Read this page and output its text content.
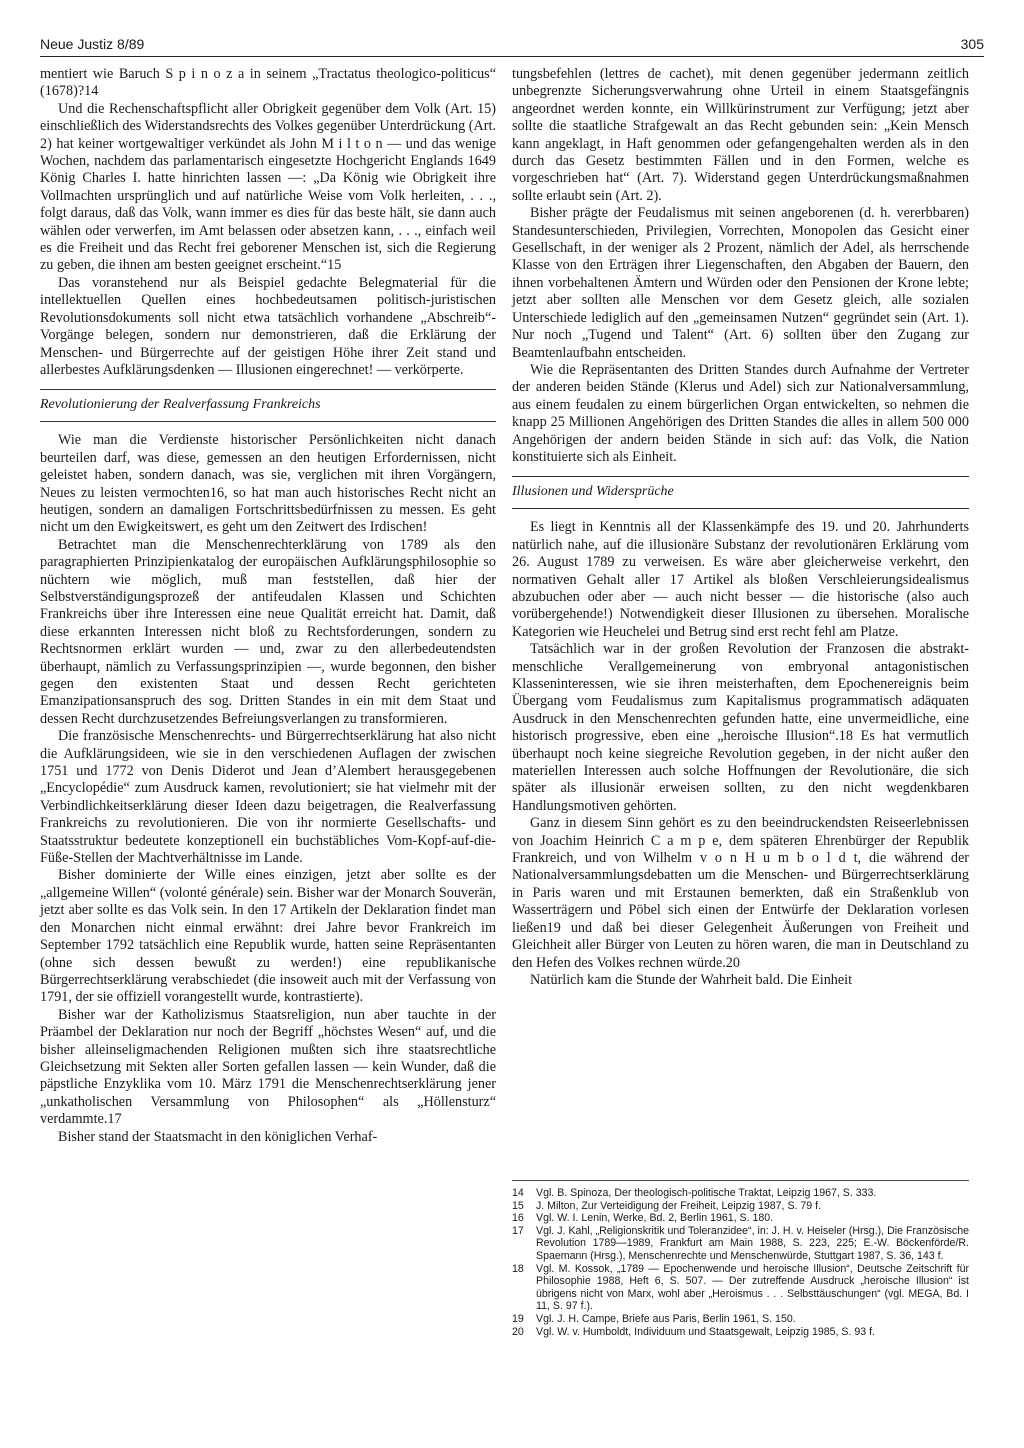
Neue Justiz 8/89	305
mentiert wie Baruch S p i n o z a in seinem „Tractatus theologico-politicus“ (1678)?14

Und die Rechenschaftspflicht aller Obrigkeit gegenüber dem Volk (Art. 15) einschließlich des Widerstandsrechts des Volkes gegenüber Unterdrückung (Art. 2) hat keiner wortgewaltiger verkündet als John M i l t o n — und das wenige Wochen, nachdem das parlamentarisch eingesetzte Hochgericht Englands 1649 König Charles I. hatte hinrichten lassen —: „Da König wie Obrigkeit ihre Vollmachten ursprünglich und auf natürliche Weise vom Volk herleiten, . . ., folgt daraus, daß das Volk, wann immer es dies für das beste hält, sie dann auch wählen oder verwerfen, im Amt belassen oder absetzen kann, . . ., einfach weil es die Freiheit und das Recht frei geborener Menschen ist, sich die Regierung zu geben, die ihnen am besten geeignet erscheint.“15

Das voranstehend nur als Beispiel gedachte Belegmaterial für die intellektuellen Quellen eines hochbedeutsamen politisch-juristischen Revolutionsdokuments soll nicht etwa tatsächlich vorhandene „Abschreib“-Vorgänge belegen, sondern nur demonstrieren, daß die Erklärung der Menschen- und Bürgerrechte auf der geistigen Höhe ihrer Zeit stand und allerbestes Aufklärungsdenken — Illusionen eingerechnet! — verkörperte.

Revolutionierung der Realverfassung Frankreichs

Wie man die Verdienste historischer Persönlichkeiten nicht danach beurteilen darf, was diese, gemessen an den heutigen Erfordernissen, nicht geleistet haben, sondern danach, was sie, verglichen mit ihren Vorgängern, Neues zu leisten vermochten16, so hat man auch historisches Recht nicht an heutigen, sondern an damaligen Fortschrittsbedürfnissen zu messen. Es geht nicht um den Ewigkeitswert, es geht um den Zeitwert des Irdischen!

Betrachtet man die Menschenrechterklärung von 1789 als den paragraphierten Prinzipienkatalog der europäischen Aufklärungsphilosophie so nüchtern wie möglich, muß man feststellen, daß hier der Selbstverständigungsprozeß der antifeudalen Klassen und Schichten Frankreichs über ihre Interessen eine neue Qualität erreicht hat. Damit, daß diese erkannten Interessen nicht bloß zu Rechtsforderungen, sondern zu Rechtsnormen erklärt wurden — und, zwar zu den allerbedeutendsten überhaupt, nämlich zu Verfassungsprinzipien —, wurde begonnen, den bisher gegen den existenten Staat und dessen Recht gerichteten Emanzipationsanspruch des sog. Dritten Standes in ein mit dem Staat und dessen Recht durchzusetzendes Befreiungsverlangen zu transformieren.

Die französische Menschenrechts- und Bürgerrechtserklärung hat also nicht die Aufklärungsideen, wie sie in den verschiedenen Auflagen der zwischen 1751 und 1772 von Denis Diderot und Jean d’Alembert herausgegebenen „Encyclopédie“ zum Ausdruck kamen, revolutioniert; sie hat vielmehr mit der Verbindlichkeitserklärung dieser Ideen dazu beigetragen, die Realverfassung Frankreichs zu revolutionieren. Die von ihr normierte Gesellschafts- und Staatsstruktur bedeutete konzeptionell ein buchstäbliches Vom-Kopf-auf-die-Füße-Stellen der Machtverhältnisse im Lande.

Bisher dominierte der Wille eines einzigen, jetzt aber sollte es der „allgemeine Willen“ (volonté générale) sein. Bisher war der Monarch Souverän, jetzt aber sollte es das Volk sein. In den 17 Artikeln der Deklaration findet man den Monarchen nicht einmal erwähnt: drei Jahre bevor Frankreich im September 1792 tatsächlich eine Republik wurde, hatten seine Repräsentanten (ohne sich dessen bewußt zu werden!) eine republikanische Bürgerrechtserklärung verabschiedet (die insoweit auch mit der Verfassung von 1791, der sie offiziell vorangestellt wurde, kontrastierte).

Bisher war der Katholizismus Staatsreligion, nun aber tauchte in der Präambel der Deklaration nur noch der Begriff „höchstes Wesen“ auf, und die bisher alleinseligmachenden Religionen mußten sich ihre staatsrechtliche Gleichsetzung mit Sekten aller Sorten gefallen lassen — kein Wunder, daß die päpstliche Enzyklika vom 10. März 1791 die Menschenrechtserklärung jener „unkatholischen Versammlung von Philosophen“ als „Höllensturz“ verdammte.17

Bisher stand der Staatsmacht in den königlichen Verhaf-

tungsbefehlen (lettres de cachet), mit denen gegenüber jedermann zeitlich unbegrenzte Sicherungsverwahrung ohne Urteil in einem Staatsgefängnis angeordnet werden konnte, ein Willkürinstrument zur Verfügung; jetzt aber sollte die staatliche Strafgewalt an das Recht gebunden sein: „Kein Mensch kann angeklagt, in Haft genommen oder gefangengehalten werden als in den durch das Gesetz bestimmten Fällen und in den Formen, welche es vorgeschrieben hat“ (Art. 7). Widerstand gegen Unterdrückungsmaßnahmen sollte erlaubt sein (Art. 2).

Bisher prägte der Feudalismus mit seinen angeborenen (d. h. vererbbaren) Standesunterschieden, Privilegien, Vorrechten, Monopolen das Gesicht einer Gesellschaft, in der weniger als 2 Prozent, nämlich der Adel, als herrschende Klasse von den Erträgen ihrer Liegenschaften, den Abgaben der Bauern, den ihnen vorbehaltenen Ämtern und Würden oder den Pensionen der Krone lebte; jetzt aber sollten alle Menschen vor dem Gesetz gleich, alle sozialen Unterschiede lediglich auf den „gemeinsamen Nutzen“ gegründet sein (Art. 1). Nur noch „Tugend und Talent“ (Art. 6) sollten über den Zugang zur Beamtenlaufbahn entscheiden.

Wie die Repräsentanten des Dritten Standes durch Aufnahme der Vertreter der anderen beiden Stände (Klerus und Adel) sich zur Nationalversammlung, aus einem feudalen zu einem bürgerlichen Organ entwickelten, so nehmen die knapp 25 Millionen Angehörigen des Dritten Standes die alles in allem 500 000 Angehörigen der andern beiden Stände in sich auf: das Volk, die Nation konstituierte sich als Einheit.

Illusionen und Widersprüche

Es liegt in Kenntnis all der Klassenkämpfe des 19. und 20. Jahrhunderts natürlich nahe, auf die illusionäre Substanz der revolutionären Erklärung vom 26. August 1789 zu verweisen. Es wäre aber gleicherweise verkehrt, den normativen Gehalt aller 17 Artikel als bloßen Verschleierungsidealismus abzubuchen oder aber — auch nicht besser — die historische (also auch vorübergehende!) Notwendigkeit dieser Illusionen zu übersehen. Moralische Kategorien wie Heuchelei und Betrug sind erst recht fehl am Platze.

Tatsächlich war in der großen Revolution der Franzosen die abstrakt-menschliche Verallgemeinerung von embryonal antagonistischen Klasseninteressen, wie sie ihren meisterhaften, dem Epochenereignis beim Übergang vom Feudalismus zum Kapitalismus programmatisch adäquaten Ausdruck in den Menschenrechten gefunden hatte, eine unvermeidliche, eine historisch progressive, eben eine „heroische Illusion“.18 Es hat vermutlich überhaupt noch keine siegreiche Revolution gegeben, in der nicht außer den materiellen Interessen auch solche Hoffnungen der Revolutionäre, die sich später als illusionär erweisen sollten, zu den nicht wegdenkbaren Handlungsmotiven gehörten.

Ganz in diesem Sinn gehört es zu den beeindruckendsten Reiseerlebnissen von Joachim Heinrich C a m p e, dem späteren Ehrenbürger der Republik Frankreich, und von Wilhelm v o n H u m b o l d t, die während der Nationalversammlungsdebatten um die Menschen- und Bürgerrechtserklärung in Paris waren und mit Erstaunen bemerkten, daß ein Straßenklub von Wasserträgern und Pöbel sich einen der Entwürfe der Deklaration vorlesen ließen19 und daß bei dieser Gelegenheit Äußerungen von Freiheit und Gleichheit aller Bürger von Leuten zu hören waren, die man in Deutschland zu den Hefen des Volkes rechnen würde.20

Natürlich kam die Stunde der Wahrheit bald. Die Einheit

14	Vgl. B. Spinoza, Der theologisch-politische Traktat, Leipzig 1967, S. 333.
15	J. Milton, Zur Verteidigung der Freiheit, Leipzig 1987, S. 79 f.
16	Vgl. W. I. Lenin, Werke, Bd. 2, Berlin 1961, S. 180.
17	Vgl. J. Kahl, „Religionskritik und Toleranzidee“, in: J. H. v. Heiseler (Hrsg.), Die Französische Revolution 1789—1989, Frankfurt am Main 1988, S. 223, 225; E.-W. Böckenförde/R. Spaemann (Hrsg.), Menschenrechte und Menschenwürde, Stuttgart 1987, S. 36, 143 f.
18	Vgl. M. Kossok, „1789 — Epochenwende und heroische Illusion“, Deutsche Zeitschrift für Philosophie 1988, Heft 6, S. 507. — Der zutreffende Ausdruck „heroische Illusion“ ist übrigens nicht von Marx, wohl aber „Heroismus . . . Selbsttäuschungen“ (vgl. MEGA, Bd. I 11, S. 97 f.).
19	Vgl. J. H. Campe, Briefe aus Paris, Berlin 1961, S. 150.
20	Vgl. W. v. Humboldt, Individuum und Staatsgewalt, Leipzig 1985, S. 93 f.
